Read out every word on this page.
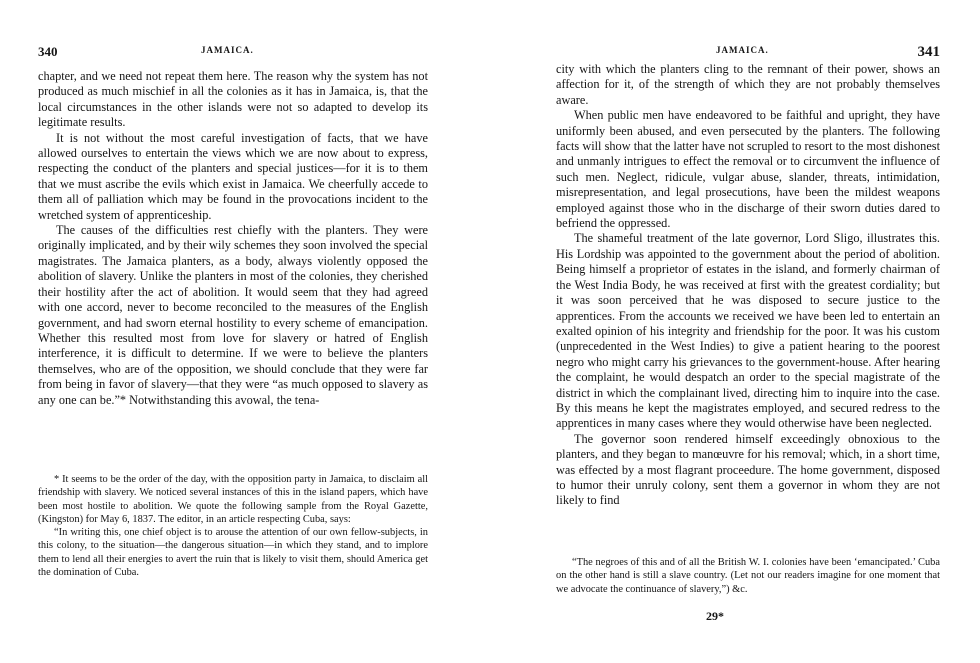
340	JAMAICA.

chapter, and we need not repeat them here. The reason why the system has not produced as much mischief in all the colonies as it has in Jamaica, is, that the local circumstances in the other islands were not so adapted to develop its legitimate results.

It is not without the most careful investigation of facts, that we have allowed ourselves to entertain the views which we are now about to express, respecting the conduct of the planters and special justices—for it is to them that we must ascribe the evils which exist in Jamaica. We cheerfully accede to them all of palliation which may be found in the provocations incident to the wretched system of apprenticeship.

The causes of the difficulties rest chiefly with the planters. They were originally implicated, and by their wily schemes they soon involved the special magistrates. The Jamaica planters, as a body, always violently opposed the abolition of slavery. Unlike the planters in most of the colonies, they cherished their hostility after the act of abolition. It would seem that they had agreed with one accord, never to become reconciled to the measures of the English government, and had sworn eternal hostility to every scheme of emancipation. Whether this resulted most from love for slavery or hatred of English interference, it is difficult to determine. If we were to believe the planters themselves, who are of the opposition, we should conclude that they were far from being in favor of slavery—that they were “as much opposed to slavery as any one can be.”* Notwithstanding this avowal, the tena-

* It seems to be the order of the day, with the opposition party in Jamaica, to disclaim all friendship with slavery. We noticed several instances of this in the island papers, which have been most hostile to abolition. We quote the following sample from the Royal Gazette, (Kingston) for May 6, 1837. The editor, in an article respecting Cuba, says:

“In writing this, one chief object is to arouse the attention of our own fellow-subjects, in this colony, to the situation—the dangerous situation—in which they stand, and to implore them to lend all their energies to avert the ruin that is likely to visit them, should America get the domination of Cuba.

JAMAICA.	341

city with which the planters cling to the remnant of their power, shows an affection for it, of the strength of which they are not probably themselves aware.

When public men have endeavored to be faithful and upright, they have uniformly been abused, and even persecuted by the planters. The following facts will show that the latter have not scrupled to resort to the most dishonest and unmanly intrigues to effect the removal or to circumvent the influence of such men. Neglect, ridicule, vulgar abuse, slander, threats, intimidation, misrepresentation, and legal prosecutions, have been the mildest weapons employed against those who in the discharge of their sworn duties dared to befriend the oppressed.

The shameful treatment of the late governor, Lord Sligo, illustrates this. His Lordship was appointed to the government about the period of abolition. Being himself a proprietor of estates in the island, and formerly chairman of the West India Body, he was received at first with the greatest cordiality; but it was soon perceived that he was disposed to secure justice to the apprentices. From the accounts we received we have been led to entertain an exalted opinion of his integrity and friendship for the poor. It was his custom (unprecedented in the West Indies) to give a patient hearing to the poorest negro who might carry his grievances to the government-house. After hearing the complaint, he would despatch an order to the special magistrate of the district in which the complainant lived, directing him to inquire into the case. By this means he kept the magistrates employed, and secured redress to the apprentices in many cases where they would otherwise have been neglected.

The governor soon rendered himself exceedingly obnoxious to the planters, and they began to manœuvre for his removal; which, in a short time, was effected by a most flagrant proceedure. The home government, disposed to humor their unruly colony, sent them a governor in whom they are not likely to find

“The negroes of this and of all the British W. I. colonies have been ‘emancipated.’ Cuba on the other hand is still a slave country. (Let not our readers imagine for one moment that we advocate the continuance of slavery,”) &c.

29*
